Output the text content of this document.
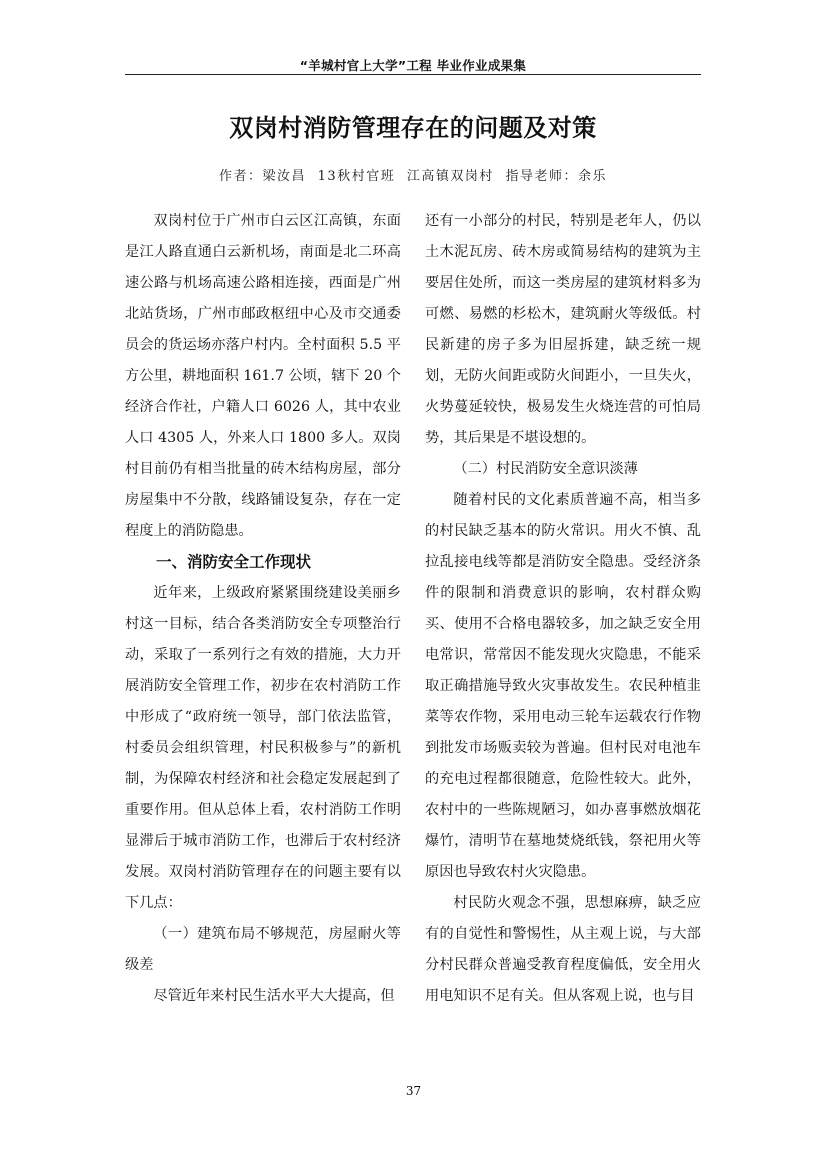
“羊城村官上大学”工程 毕业作业成果集
双岗村消防管理存在的问题及对策
作者：梁汝昌 13秋村官班 江高镇双岗村 指导老师：余乐

双岗村位于广州市白云区江高镇，东面是江人路直通白云新机场，南面是北二环高速公路与机场高速公路相连接，西面是广州北站货场，广州市邮政枢纽中心及市交通委员会的货运场亦落户村内。全村面积 5.5 平方公里，耕地面积 161.7 公顷，辖下 20 个经济合作社，户籍人口 6026 人，其中农业人口 4305 人，外来人口 1800 多人。双岗村目前仍有相当批量的砖木结构房屋，部分房屋集中不分散，线路铺设复杂，存在一定程度上的消防隐患。

一、消防安全工作现状

近年来，上级政府紧紧围绕建设美丽乡村这一目标，结合各类消防安全专项整治行动，采取了一系列行之有效的措施，大力开展消防安全管理工作，初步在农村消防工作中形成了“政府统一领导，部门依法监管，村委员会组织管理，村民积极参与”的新机制，为保障农村经济和社会稳定发展起到了重要作用。但从总体上看，农村消防工作明显滞后于城市消防工作，也滞后于农村经济发展。双岗村消防管理存在的问题主要有以下几点：

（一）建筑布局不够规范，房屋耐火等级差

尽管近年来村民生活水平大大提高，但

还有一小部分的村民，特别是老年人，仍以土木泥瓦房、砖木房或简易结构的建筑为主要居住处所，而这一类房屋的建筑材料多为可燃、易燃的杉松木，建筑耐火等级低。村民新建的房子多为旧屋拆建，缺乏统一规划，无防火间距或防火间距小，一旦失火，火势蔓延较快，极易发生火烧连营的可怕局势，其后果是不堪设想的。

（二）村民消防安全意识淡薄

随着村民的文化素质普遍不高，相当多的村民缺乏基本的防火常识。用火不慎、乱拉乱接电线等都是消防安全隐患。受经济条件的限制和消费意识的影响，农村群众购买、使用不合格电器较多，加之缺乏安全用电常识，常常因不能发现火灾隐患，不能采取正确措施导致火灾事故发生。农民种植韭菜等农作物，采用电动三轮车运载农行作物到批发市场贩卖较为普遍。但村民对电池车的充电过程都很随意，危险性较大。此外，农村中的一些陈规陋习，如办喜事燃放烟花爆竹，清明节在墓地焚烧纸钱，祭祀用火等原因也导致农村火灾隐患。

村民防火观念不强，思想麻痹，缺乏应有的自觉性和警惕性，从主观上说，与大部分村民群众普遍受教育程度偏低，安全用火用电知识不足有关。但从客观上说，也与目

37
